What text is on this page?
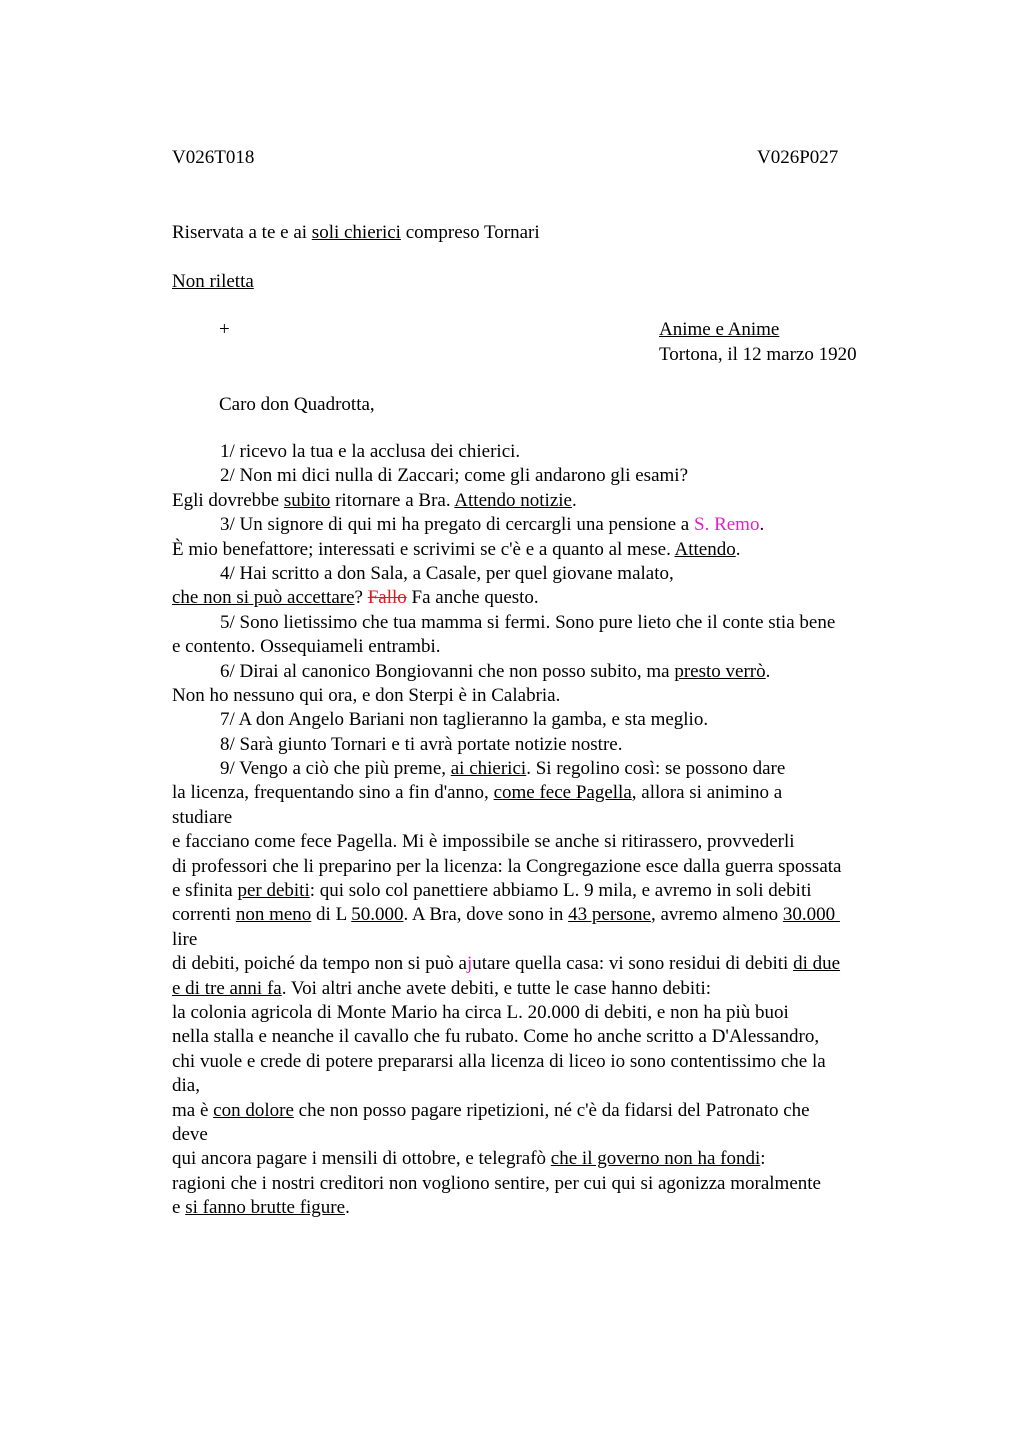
V026T018	V026P027
Riservata a te e ai soli chierici compreso Tornari
Non riletta
+	Anime e Anime
Tortona, il 12 marzo 1920
Caro don Quadrotta,
1/ ricevo la tua e la acclusa dei chierici.
2/ Non mi dici nulla di Zaccari; come gli andarono gli esami?
Egli dovrebbe subito ritornare a Bra. Attendo notizie.
3/ Un signore di qui mi ha pregato di cercargli una pensione a S. Remo.
È mio benefattore; interessati e scrivimi se c'è e a quanto al mese. Attendo.
4/ Hai scritto a don Sala, a Casale, per quel giovane malato,
che non si può accettare? Fallo Fa anche questo.
5/ Sono lietissimo che tua mamma si fermi. Sono pure lieto che il conte stia bene
e contento. Ossequiameli entrambi.
6/ Dirai al canonico Bongiovanni che non posso subito, ma presto verrò.
Non ho nessuno qui ora, e don Sterpi è in Calabria.
7/ A don Angelo Bariani non taglieranno la gamba, e sta meglio.
8/ Sarà giunto Tornari e ti avrà portate notizie nostre.
9/ Vengo a ciò che più preme, ai chierici. Si regolino così: se possono dare
la licenza, frequentando sino a fin d'anno, come fece Pagella, allora si animino a
studiare
e facciano come fece Pagella. Mi è impossibile se anche si ritirassero, provvederli
di professori che li preparino per la licenza: la Congregazione esce dalla guerra spossata
e sfinita per debiti: qui solo col panettiere abbiamo L. 9 mila, e avremo in soli debiti
correnti non meno di L 50.000. A Bra, dove sono in 43 persone, avremo almeno 30.000
lire
di debiti, poiché da tempo non si può ajutare quella casa: vi sono residui di debiti di due
e di tre anni fa. Voi altri anche avete debiti, e tutte le case hanno debiti:
la colonia agricola di Monte Mario ha circa L. 20.000 di debiti, e non ha più buoi
nella stalla e neanche il cavallo che fu rubato. Come ho anche scritto a D'Alessandro,
chi vuole e crede di potere prepararsi alla licenza di liceo io sono contentissimo che la
dia,
ma è con dolore che non posso pagare ripetizioni, né c'è da fidarsi del Patronato che
deve
qui ancora pagare i mensili di ottobre, e telegrafò che il governo non ha fondi:
ragioni che i nostri creditori non vogliono sentire, per cui qui si agonizza moralmente
e si fanno brutte figure.
